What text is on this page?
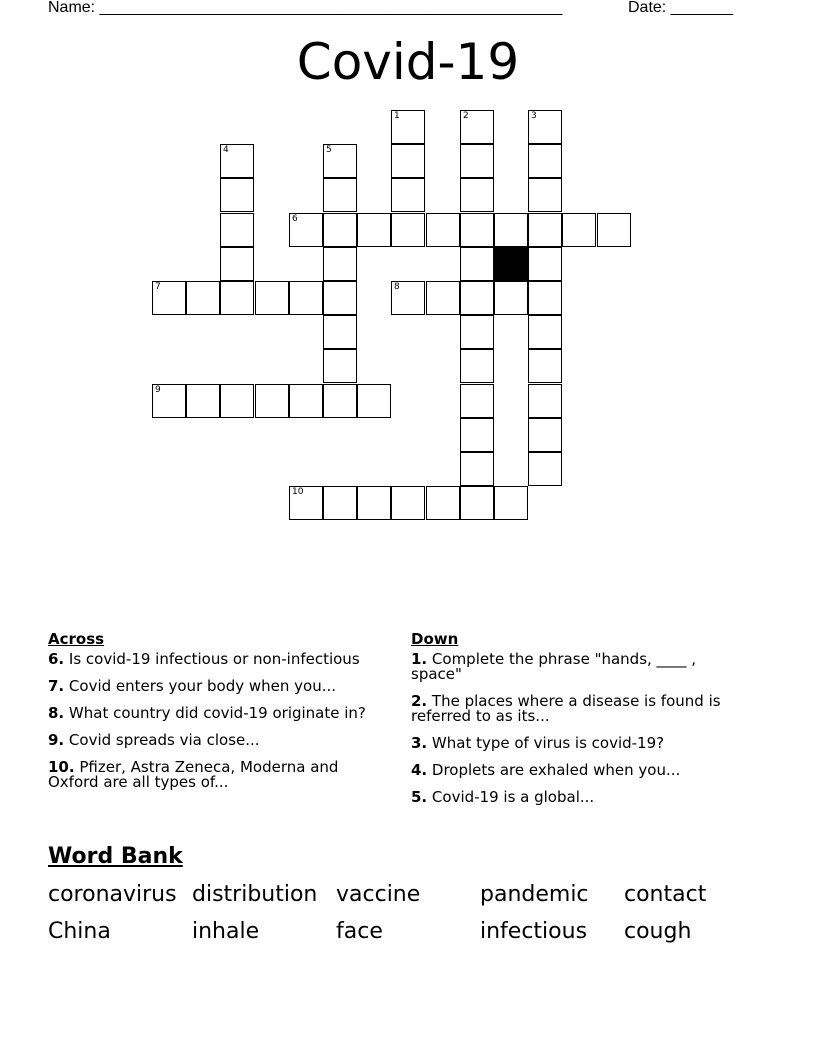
Name: ____________________________________________________	Date: _______
Covid-19
1	2	3
4	5
6
7	8
9
10
Across
6. Is covid-19 infectious or non-infectious
7. Covid enters your body when you...
8. What country did covid-19 originate in?
9. Covid spreads via close...
10. Pfizer, Astra Zeneca, Moderna and Oxford are all types of...
Down
1. Complete the phrase "hands, ____ , space"
2. The places where a disease is found is referred to as its...
3. What type of virus is covid-19?
4. Droplets are exhaled when you...
5. Covid-19 is a global...
Word Bank
coronavirus distribution vaccine	pandemic contact
China	inhale	face	infectious cough
